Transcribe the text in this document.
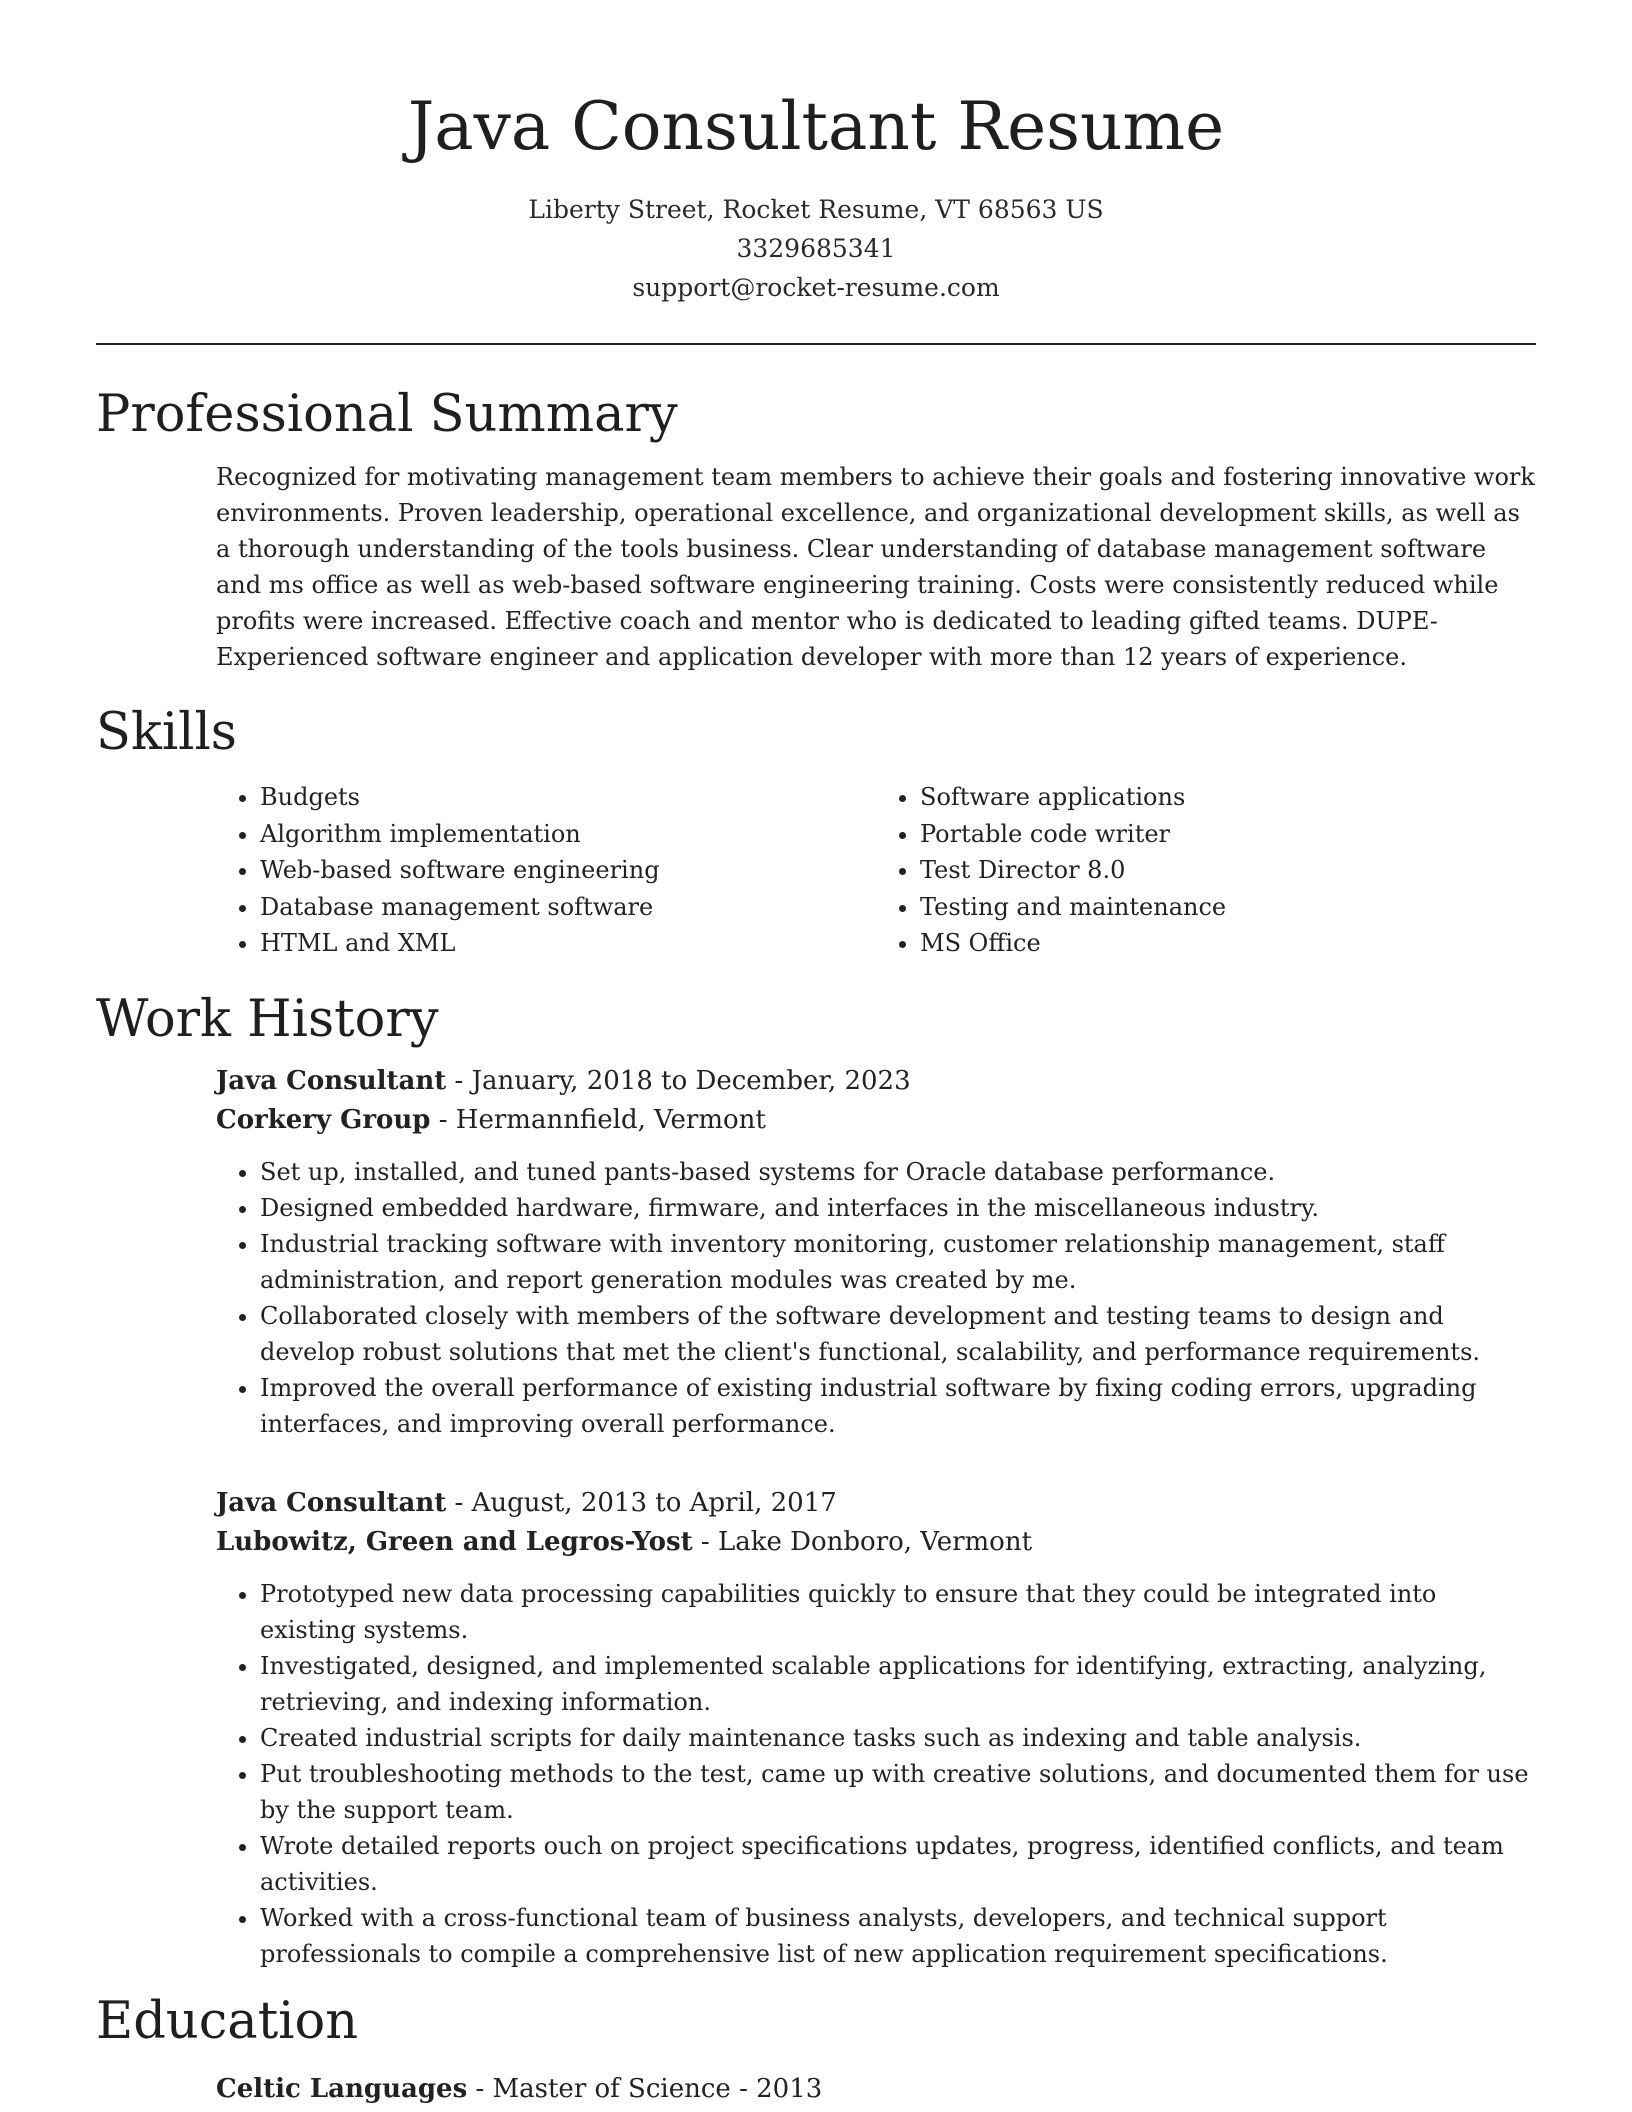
Java Consultant Resume
Liberty Street, Rocket Resume, VT 68563 US
3329685341
support@rocket-resume.com
Professional Summary

Recognized for motivating management team members to achieve their goals and fostering innovative work environments. Proven leadership, operational excellence, and organizational development skills, as well as a thorough understanding of the tools business. Clear understanding of database management software and ms office as well as web-based software engineering training. Costs were consistently reduced while profits were increased. Effective coach and mentor who is dedicated to leading gifted teams. DUPE- Experienced software engineer and application developer with more than 12 years of experience.

Skills
• Budgets
• Algorithm implementation
• Web-based software engineering
• Database management software
• HTML and XML
• Software applications
• Portable code writer
• Test Director 8.0
• Testing and maintenance
• MS Office
Work History
Java Consultant - January, 2018 to December, 2023
Corkery Group - Hermannfield, Vermont
• Set up, installed, and tuned pants-based systems for Oracle database performance.
• Designed embedded hardware, firmware, and interfaces in the miscellaneous industry.
• Industrial tracking software with inventory monitoring, customer relationship management, staff administration, and report generation modules was created by me.
• Collaborated closely with members of the software development and testing teams to design and develop robust solutions that met the client's functional, scalability, and performance requirements.
• Improved the overall performance of existing industrial software by fixing coding errors, upgrading interfaces, and improving overall performance.
Java Consultant - August, 2013 to April, 2017
Lubowitz, Green and Legros-Yost - Lake Donboro, Vermont
• Prototyped new data processing capabilities quickly to ensure that they could be integrated into existing systems.
• Investigated, designed, and implemented scalable applications for identifying, extracting, analyzing, retrieving, and indexing information.
• Created industrial scripts for daily maintenance tasks such as indexing and table analysis.
• Put troubleshooting methods to the test, came up with creative solutions, and documented them for use by the support team.
• Wrote detailed reports ouch on project specifications updates, progress, identified conflicts, and team activities.
• Worked with a cross-functional team of business analysts, developers, and technical support professionals to compile a comprehensive list of new application requirement specifications.
Education
Celtic Languages - Master of Science - 2013
